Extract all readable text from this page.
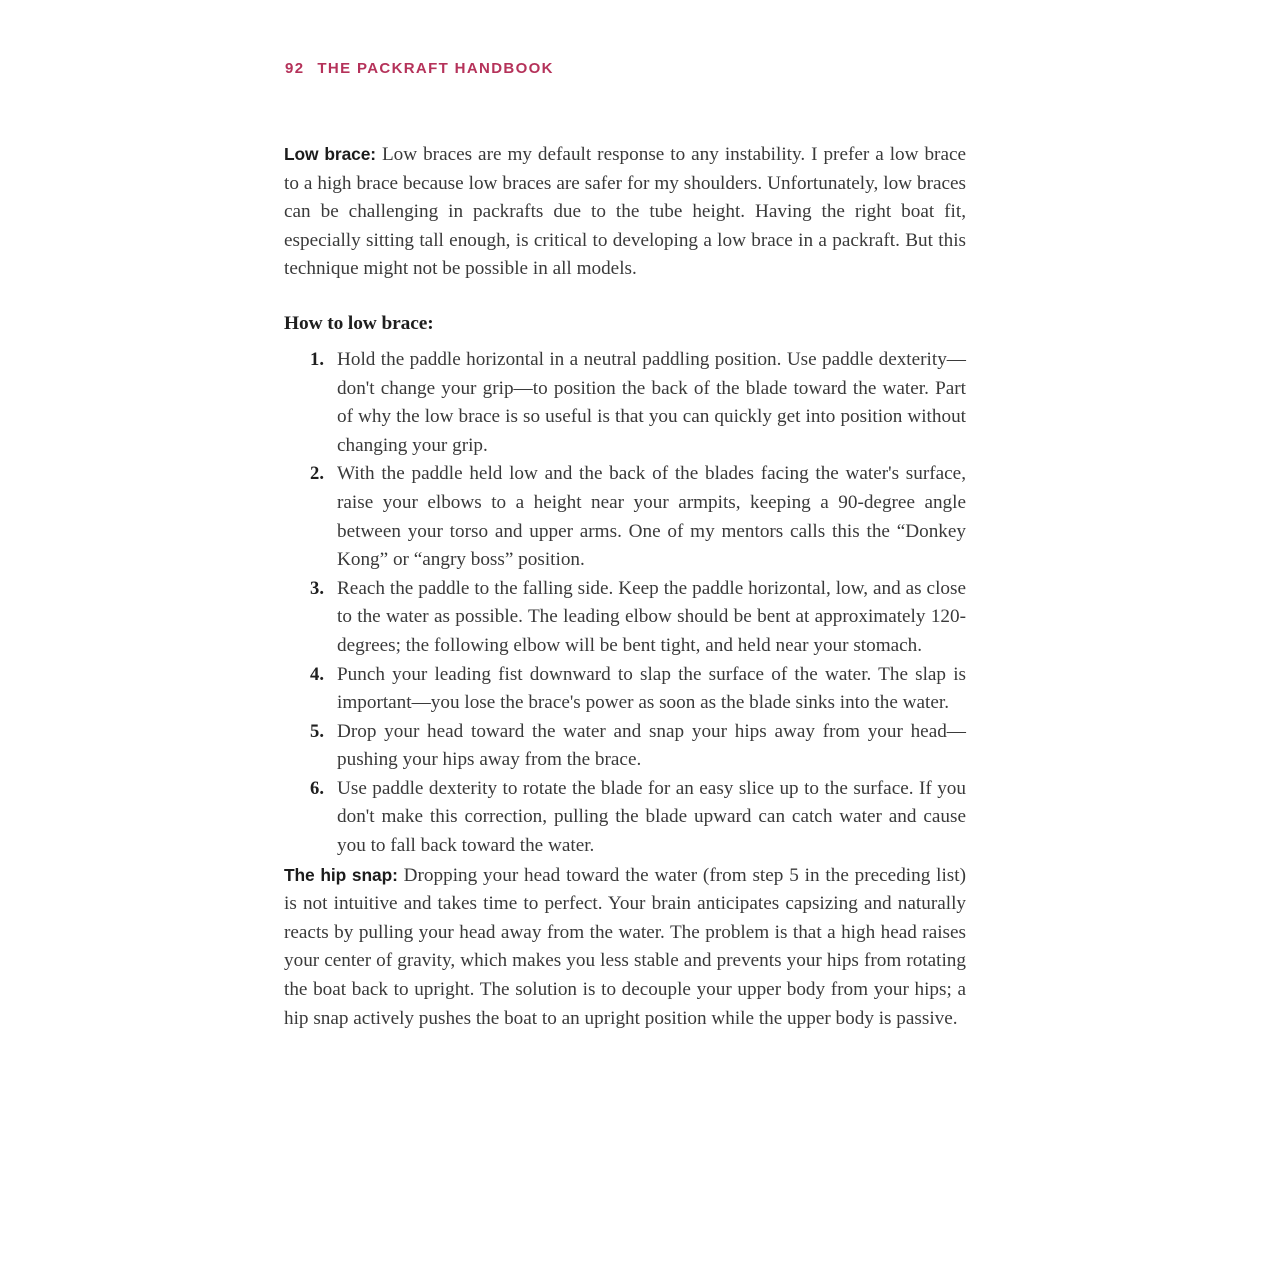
92 THE PACKRAFT HANDBOOK

Low brace: Low braces are my default response to any instability. I prefer a low brace to a high brace because low braces are safer for my shoulders. Unfortunately, low braces can be challenging in packrafts due to the tube height. Having the right boat fit, especially sitting tall enough, is critical to developing a low brace in a packraft. But this technique might not be possible in all models.

How to low brace:
1. Hold the paddle horizontal in a neutral paddling position. Use paddle dexterity—don't change your grip—to position the back of the blade toward the water. Part of why the low brace is so useful is that you can quickly get into position without changing your grip.
2. With the paddle held low and the back of the blades facing the water's surface, raise your elbows to a height near your armpits, keeping a 90-degree angle between your torso and upper arms. One of my mentors calls this the “Donkey Kong” or “angry boss” position.
3. Reach the paddle to the falling side. Keep the paddle horizontal, low, and as close to the water as possible. The leading elbow should be bent at approximately 120-degrees; the following elbow will be bent tight, and held near your stomach.
4. Punch your leading fist downward to slap the surface of the water. The slap is important—you lose the brace's power as soon as the blade sinks into the water.
5. Drop your head toward the water and snap your hips away from your head—pushing your hips away from the brace.
6. Use paddle dexterity to rotate the blade for an easy slice up to the surface. If you don't make this correction, pulling the blade upward can catch water and cause you to fall back toward the water.

The hip snap: Dropping your head toward the water (from step 5 in the preceding list) is not intuitive and takes time to perfect. Your brain anticipates capsizing and naturally reacts by pulling your head away from the water. The problem is that a high head raises your center of gravity, which makes you less stable and prevents your hips from rotating the boat back to upright. The solution is to decouple your upper body from your hips; a hip snap actively pushes the boat to an upright position while the upper body is passive.
